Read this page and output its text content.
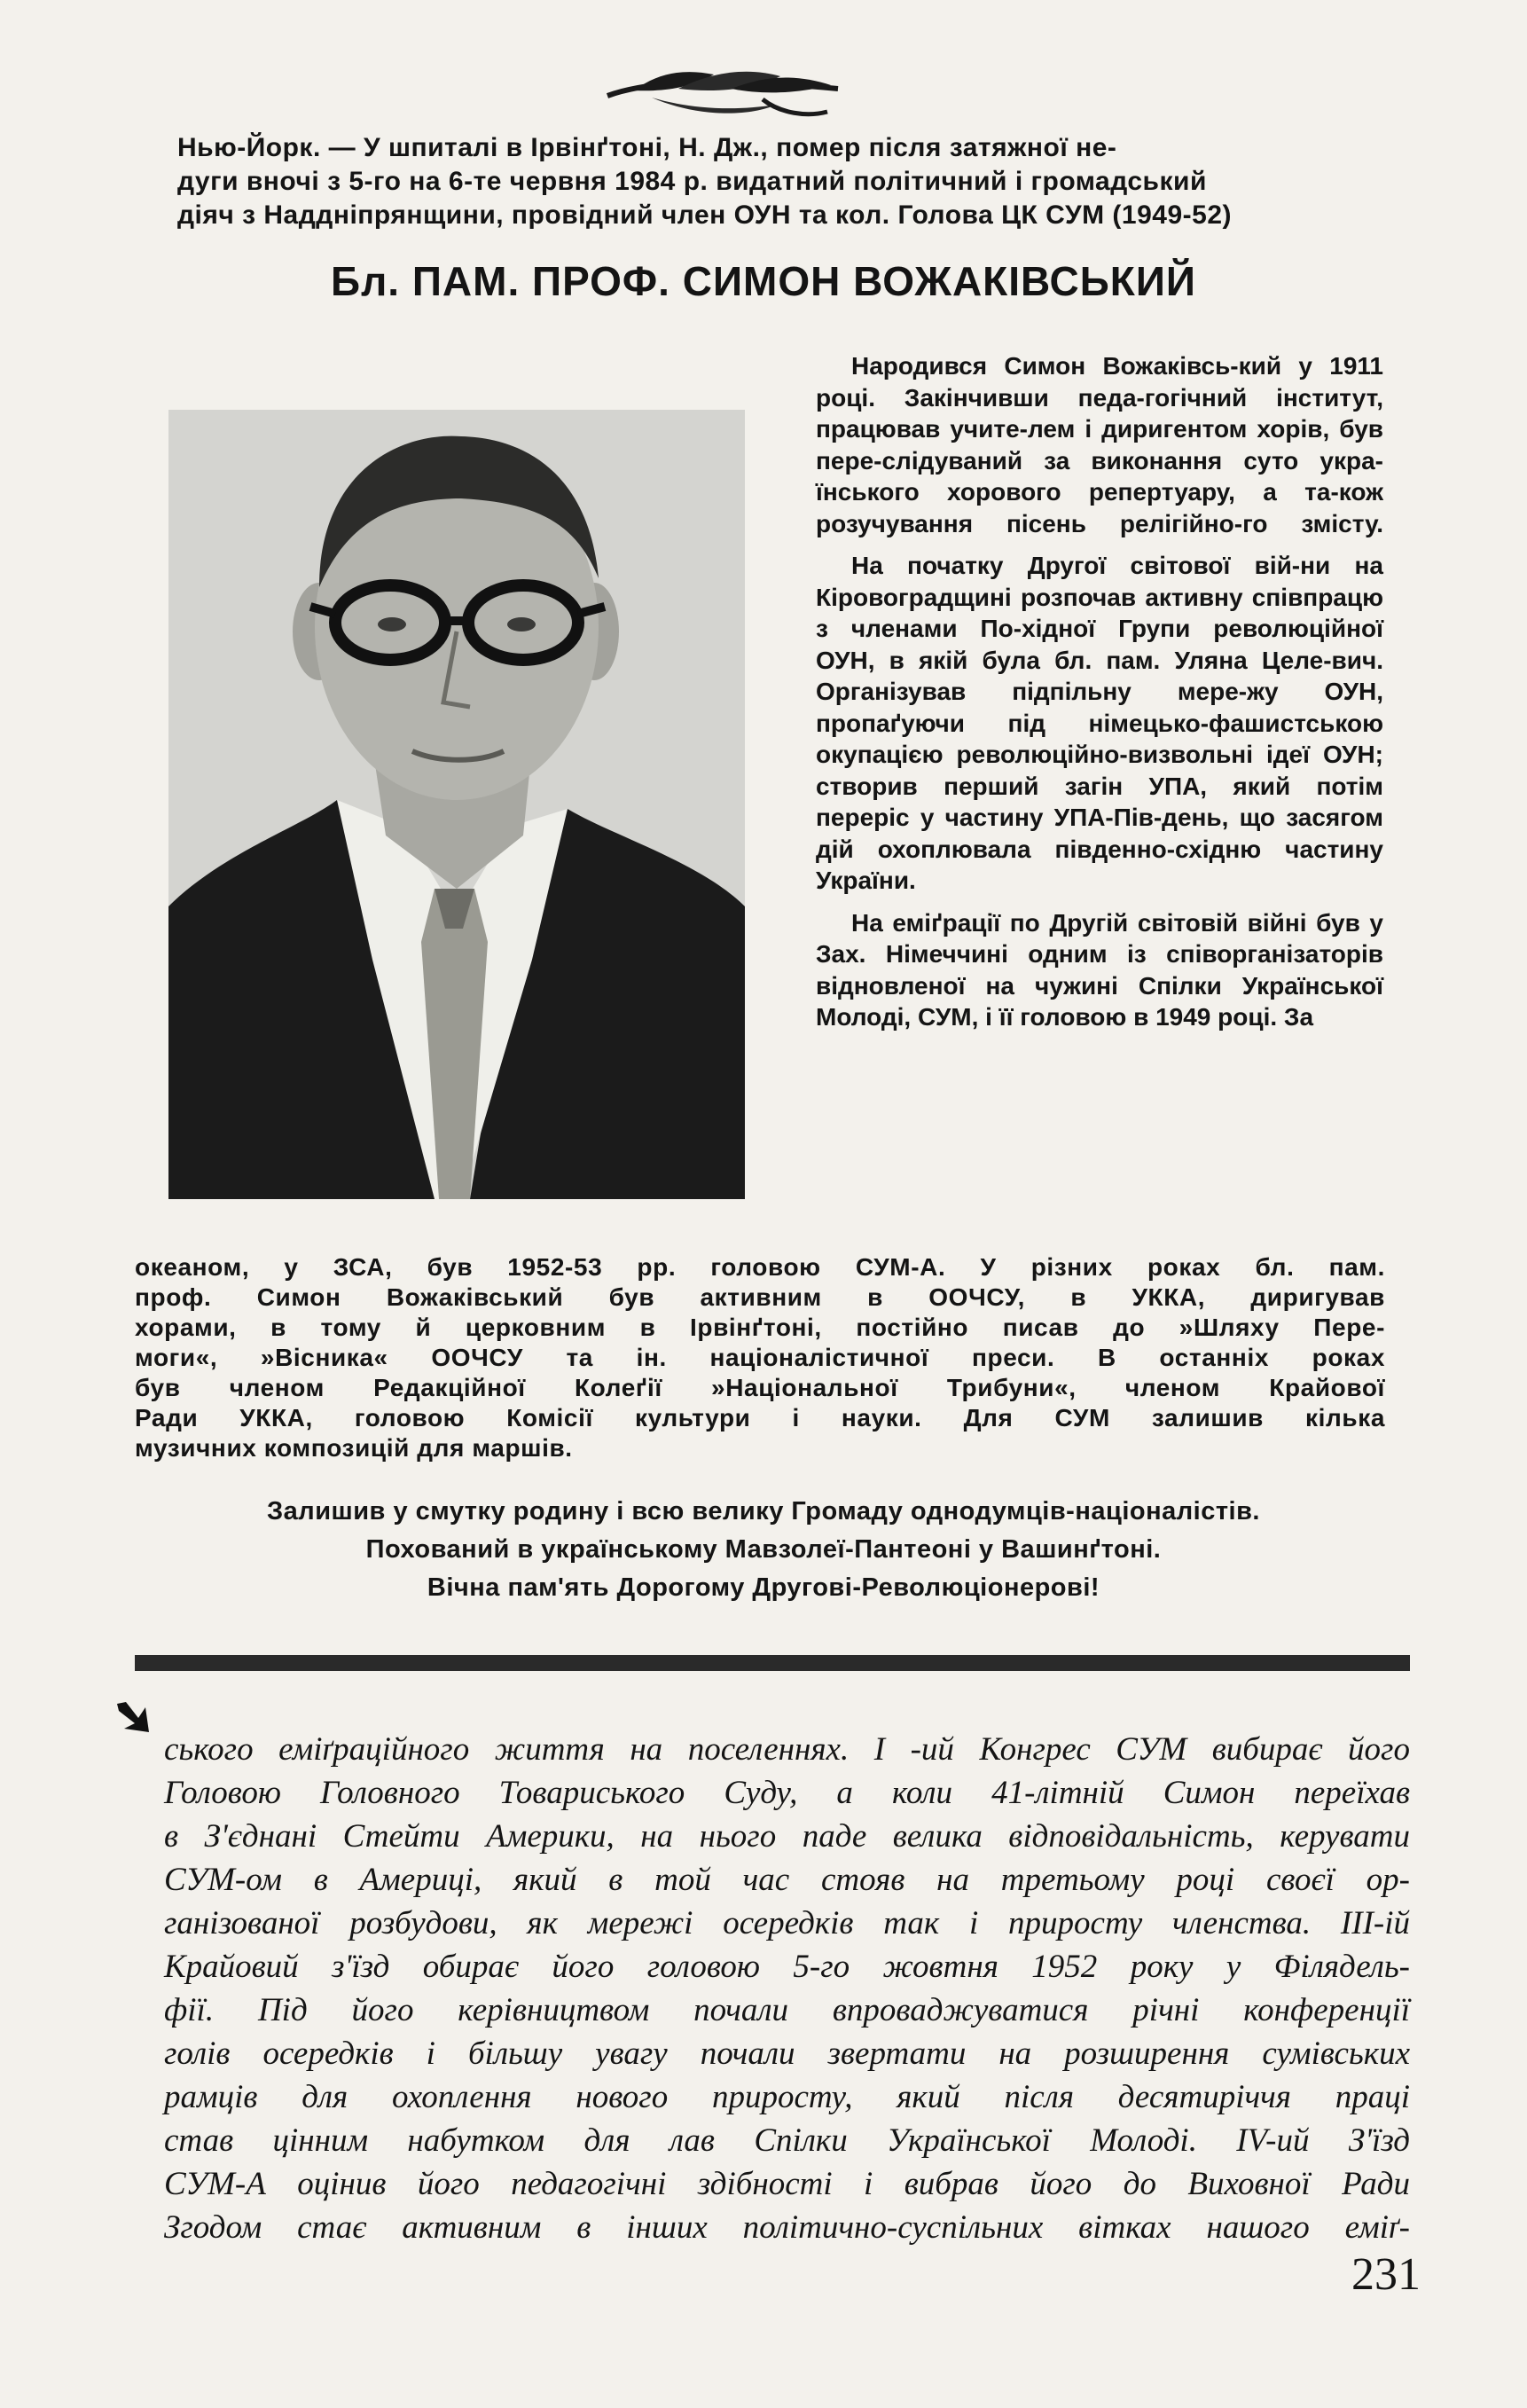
Нью-Йорк. — У шпиталі в Ірвінґтоні, Н. Дж., помер після затяжної не-
дуги вночі з 5-го на 6-те червня 1984 р. видатний політичний і громадський
діяч з Наддніпрянщини, провідний член ОУН та кол. Голова ЦК СУМ (1949-52)
Бл. ПАМ. ПРОФ. СИМОН ВОЖАКІВСЬКИЙ

Народився Симон Вожаківсь-кий у 1911 році. Закінчивши педа-гогічний інститут, працював учите-лем і диригентом хорів, був пере-слідуваний за виконання суто укра-їнського хорового репертуару, а та-кож розучування пісень релігійно-го змісту.

На початку Другої світової вій-ни на Кіровоградщині розпочав активну співпрацю з членами По-хідної Групи революційної ОУН, в якій була бл. пам. Уляна Целе-вич. Організував підпільну мере-жу ОУН, пропаґуючи під німецько-фашистською окупацією революційно-визвольні ідеї ОУН; створив перший загін УПА, який потім переріс у частину УПА-Пів-день, що засягом дій охоплювала південно-східню частину України.

На еміґрації по Другій світовій війні був у Зах. Німеччині одним із співорганізаторів відновленої на чужині Спілки Української Молоді, СУМ, і її головою в 1949 році. За

океаном, у ЗСА, був 1952-53 рр. головою СУМ-А. У різних роках бл. пам.
проф. Симон Вожаківський був активним в ООЧСУ, в УККА, диригував
хорами, в тому й церковним в Ірвінґтоні, постійно писав до »Шляху Пере-
моги«, »Вісника« ООЧСУ та ін. націоналістичної преси. В останніх роках
був членом Редакційної Колеґії »Національної Трибуни«, членом Крайової
Ради УККА, головою Комісії культури і науки. Для СУМ залишив кілька
музичних композицій для маршів.

Залишив у смутку родину і всю велику Громаду однодумців-націоналістів.

Похований в українському Мавзолеї-Пантеоні у Вашинґтоні.

Вічна пам'ять Дорогому Другові-Революціонерові!

ського еміґраційного життя на поселеннях. І -ий Конгрес СУМ вибирає його
Головою Головного Товариського Суду, а коли 41-літній Симон переїхав
в З'єднані Стейти Америки, на нього паде велика відповідальність, керувати
СУМ-ом в Америці, який в той час стояв на третьому році своєї ор-
ганізованої розбудови, як мережі осередків так і приросту членства. ІІІ-ій
Крайовий з'їзд обирає його головою 5-го жовтня 1952 року у Філядель-
фії. Під його керівництвом почали впроваджуватися річні конференції
голів осередків і більшу увагу почали звертати на розширення сумівських
рамців для охоплення нового приросту, який після десятиріччя праці
став цінним набутком для лав Спілки Української Молоді. IV-ий З'їзд
СУМ-А оцінив його педагогічні здібності і вибрав його до Виховної Ради
Згодом стає активним в інших політично-суспільних вітках нашого еміґ-
231
